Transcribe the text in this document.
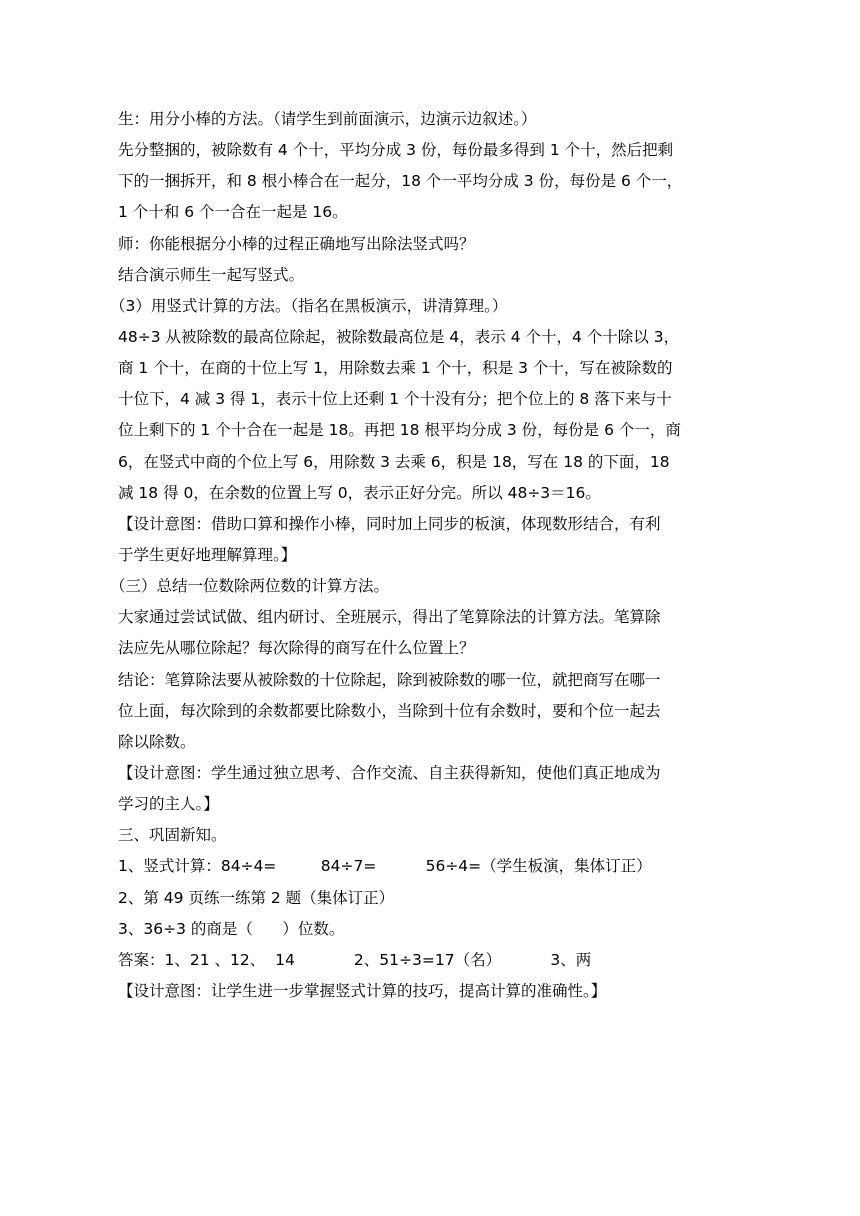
生：用分小棒的方法。（请学生到前面演示，边演示边叙述。）
先分整捆的，被除数有 4 个十，平均分成 3 份，每份最多得到 1 个十，然后把剩
下的一捆拆开，和 8 根小棒合在一起分，18 个一平均分成 3 份，每份是 6 个一，
1 个十和 6 个一合在一起是 16。
师：你能根据分小棒的过程正确地写出除法竖式吗？
结合演示师生一起写竖式。
（3）用竖式计算的方法。（指名在黑板演示，讲清算理。）
48÷3 从被除数的最高位除起，被除数最高位是 4，表示 4 个十，4 个十除以 3，
商 1 个十，在商的十位上写 1，用除数去乘 1 个十，积是 3 个十，写在被除数的
十位下，4 减 3 得 1，表示十位上还剩 1 个十没有分；把个位上的 8 落下来与十
位上剩下的 1 个十合在一起是 18。再把 18 根平均分成 3 份，每份是 6 个一，商
6，在竖式中商的个位上写 6，用除数 3 去乘 6，积是 18，写在 18 的下面，18
减 18 得 0，在余数的位置上写 0，表示正好分完。所以 48÷3＝16。
【设计意图：借助口算和操作小棒，同时加上同步的板演，体现数形结合，有利
于学生更好地理解算理。】
（三）总结一位数除两位数的计算方法。
大家通过尝试试做、组内研讨、全班展示，得出了笔算除法的计算方法。笔算除
法应先从哪位除起？每次除得的商写在什么位置上？
结论：笔算除法要从被除数的十位除起，除到被除数的哪一位，就把商写在哪一
位上面，每次除到的余数都要比除数小，当除到十位有余数时，要和个位一起去
除以除数。
【设计意图：学生通过独立思考、合作交流、自主获得新知，使他们真正地成为
学习的主人。】
三、巩固新知。
1、竖式计算：84÷4=         84÷7=          56÷4=（学生板演，集体订正）
2、第 49 页练一练第 2 题（集体订正）
3、36÷3 的商是（      ）位数。
答案：1、21 、12、  14            2、51÷3=17（名）          3、两
【设计意图：让学生进一步掌握竖式计算的技巧，提高计算的准确性。】
